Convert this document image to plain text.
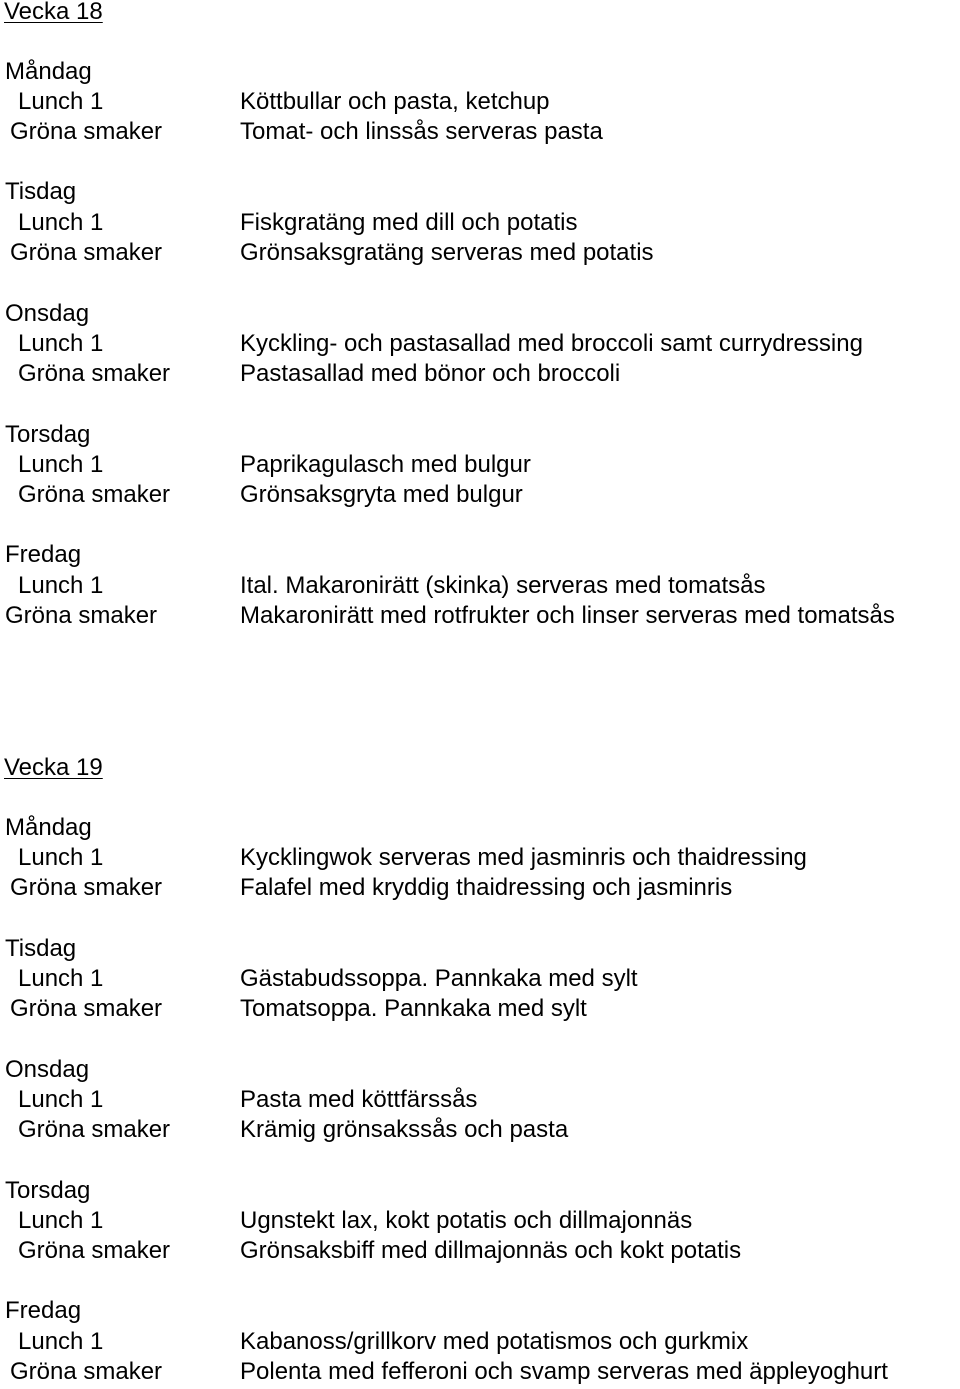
Vecka 18
Måndag
Lunch 1	Köttbullar och pasta, ketchup
Gröna smaker	Tomat- och linssås serveras pasta
Tisdag
Lunch 1	Fiskgratäng med dill och potatis
Gröna smaker	Grönsaksgratäng serveras med potatis
Onsdag
Lunch 1	Kyckling- och pastasallad med broccoli samt currydressing
Gröna smaker	Pastasallad med bönor och broccoli
Torsdag
Lunch 1	Paprikagulasch med bulgur
Gröna smaker	Grönsaksgryta med bulgur
Fredag
Lunch 1	Ital. Makaronirätt (skinka) serveras med tomatsås
Gröna smaker	Makaronirätt med rotfrukter och linser serveras med tomatsås
Vecka 19
Måndag
Lunch 1	Kycklingwok serveras med jasminris och thaidressing
Gröna smaker	Falafel med kryddig thaidressing och jasminris
Tisdag
Lunch 1	Gästabudssoppa. Pannkaka med sylt
Gröna smaker	Tomatsoppa. Pannkaka med sylt
Onsdag
Lunch 1	Pasta med köttfärssås
Gröna smaker	Krämig grönsakssås och pasta
Torsdag
Lunch 1	Ugnstekt lax, kokt potatis och dillmajonnäs
Gröna smaker	Grönsaksbiff med dillmajonnäs och kokt potatis
Fredag
Lunch 1	Kabanoss/grillkorv med potatismos och gurkmix
Gröna smaker	Polenta med fefferoni och svamp serveras med äppleyoghurt
